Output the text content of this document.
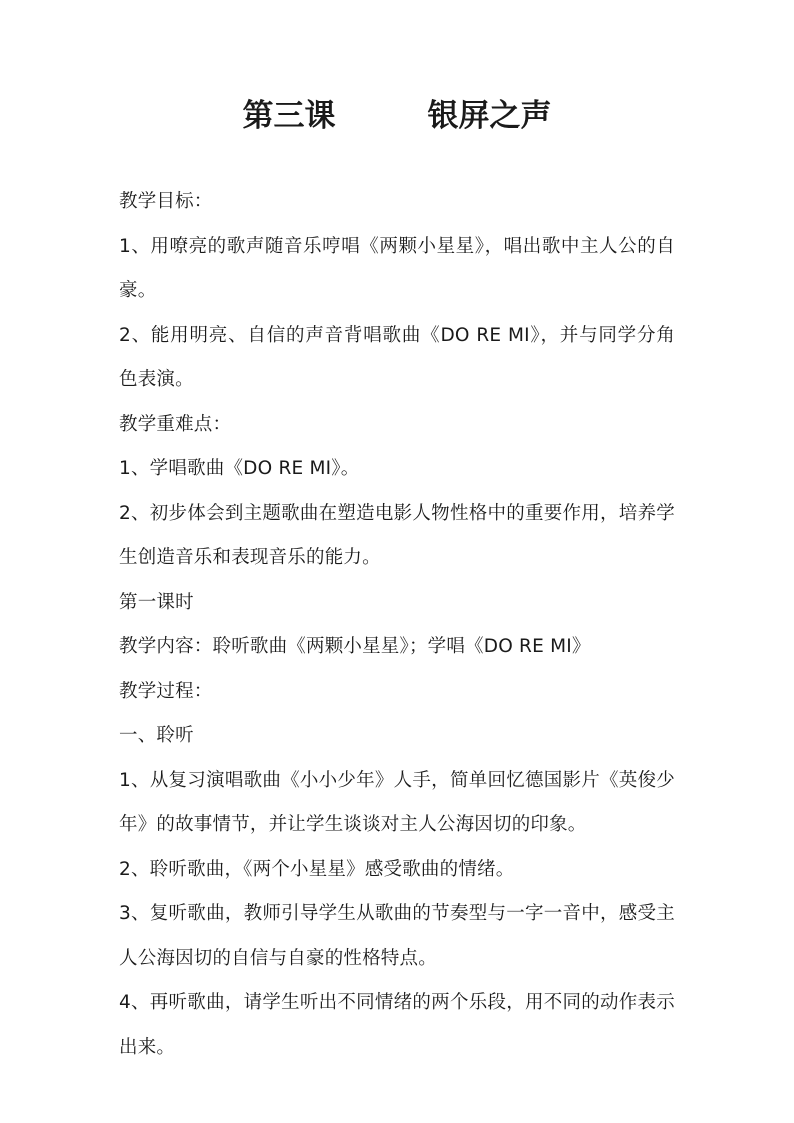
第三课	银屏之声

教学目标：

1、用嘹亮的歌声随音乐哼唱《两颗小星星》，唱出歌中主人公的自豪。

2、能用明亮、自信的声音背唱歌曲《DO RE MI》，并与同学分角色表演。

教学重难点：

1、学唱歌曲《DO RE MI》。

2、初步体会到主题歌曲在塑造电影人物性格中的重要作用，培养学生创造音乐和表现音乐的能力。

第一课时

教学内容：聆听歌曲《两颗小星星》；学唱《DO RE MI》

教学过程：

一、聆听

1、从复习演唱歌曲《小小少年》人手，简单回忆德国影片《英俊少年》的故事情节，并让学生谈谈对主人公海因切的印象。

2、聆听歌曲，《两个小星星》感受歌曲的情绪。

3、复听歌曲，教师引导学生从歌曲的节奏型与一字一音中，感受主人公海因切的自信与自豪的性格特点。

4、再听歌曲，请学生听出不同情绪的两个乐段，用不同的动作表示出来。
